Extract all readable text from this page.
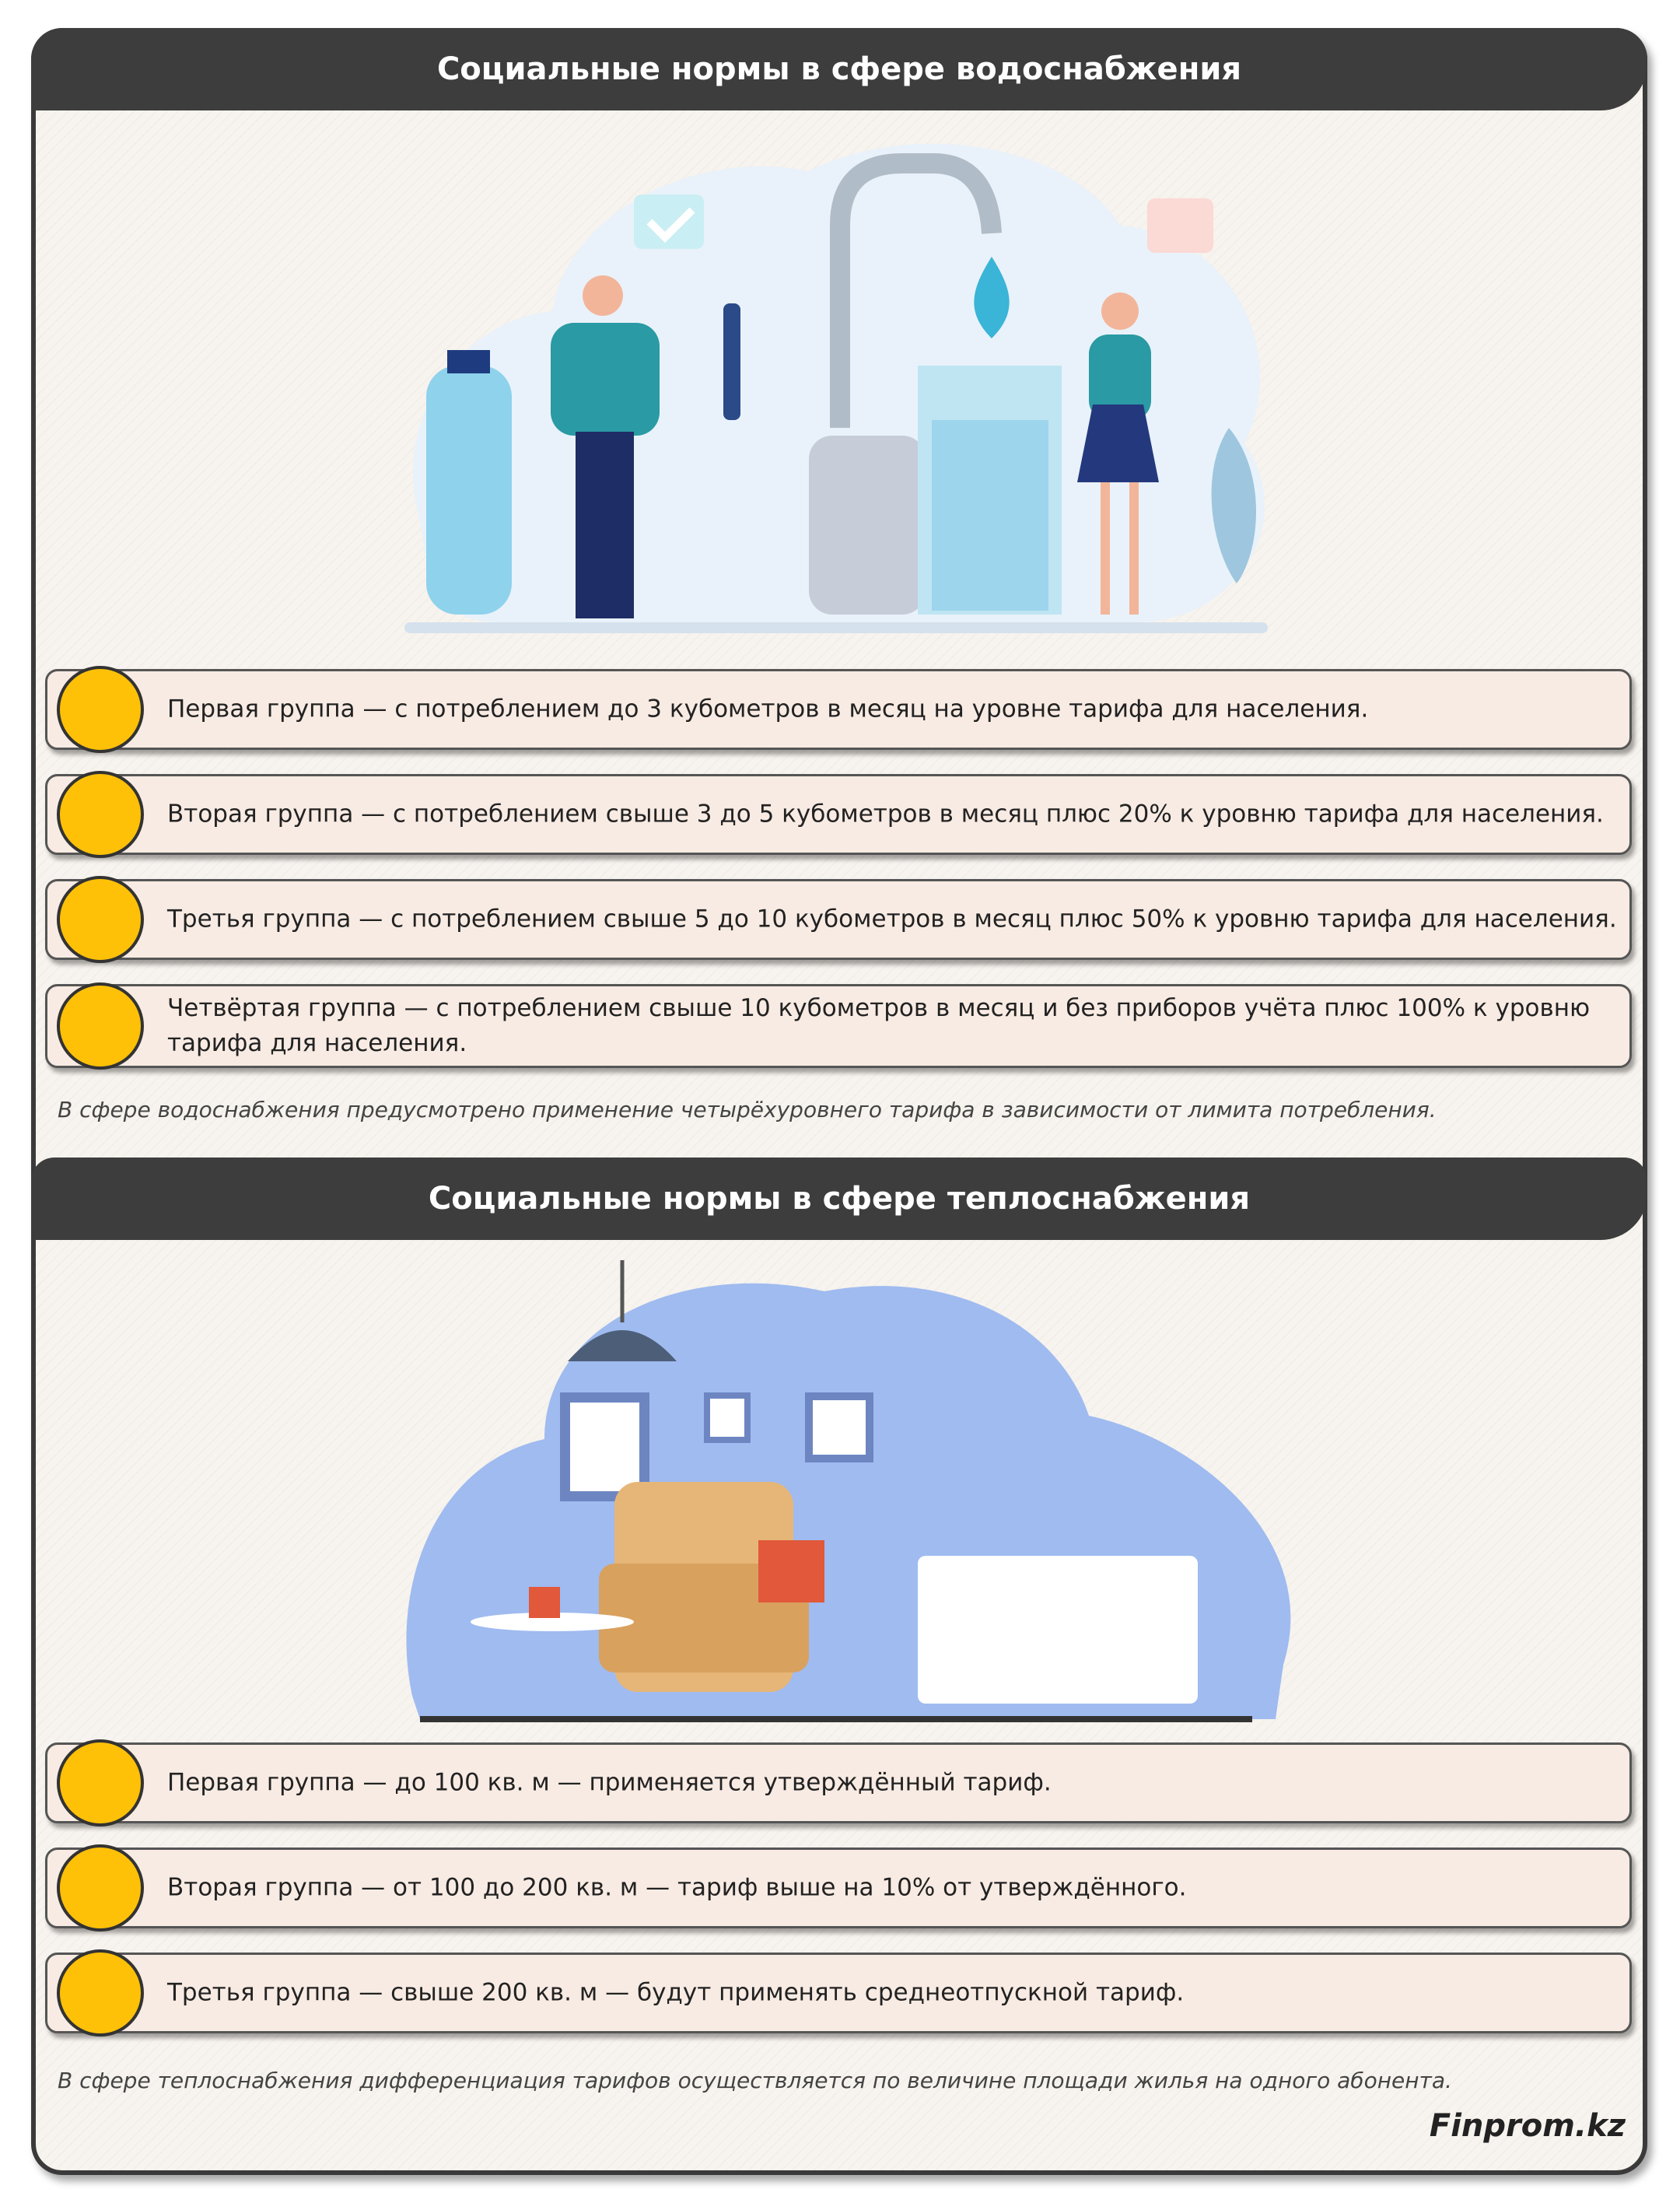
Социальные нормы в сфере водоснабжения
Первая группа — с потреблением до 3 кубометров в месяц на уровне тарифа для населения.
Вторая группа — с потреблением свыше 3 до 5 кубометров в месяц плюс 20% к уровню тарифа для населения.
Третья группа — с потреблением свыше 5 до 10 кубометров в месяц плюс 50% к уровню тарифа для населения.
Четвёртая группа — с потреблением свыше 10 кубометров в месяц и без приборов учёта плюс 100% к уровню тарифа для населения.
В сфере водоснабжения предусмотрено применение четырёхуровнего тарифа в зависимости от лимита потребления.
Социальные нормы в сфере теплоснабжения
Первая группа — до 100 кв. м — применяется утверждённый тариф.
Вторая группа — от 100 до 200 кв. м — тариф выше на 10% от утверждённого.
Третья группа — свыше 200 кв. м — будут применять среднеотпускной тариф.
В сфере теплоснабжения дифференциация тарифов осуществляется по величине площади жилья на одного абонента.
Finprom.kz
